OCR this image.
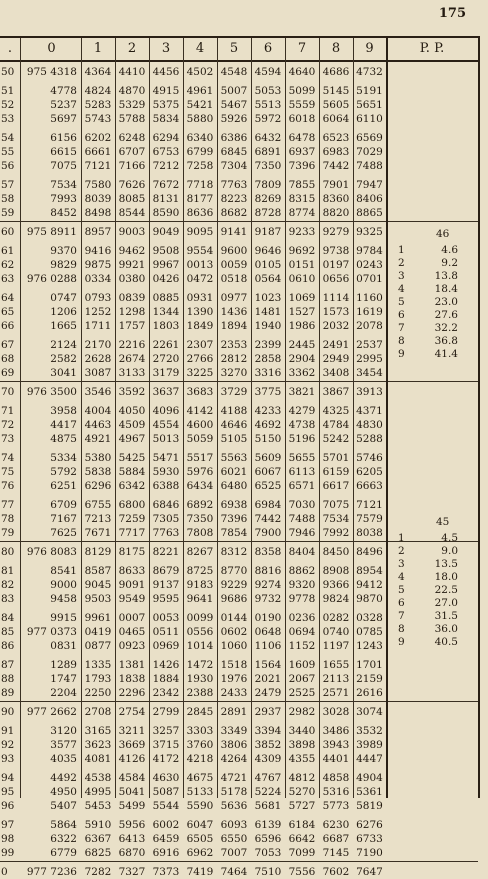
175
.	0	1	2	3	4	5	6	7	8	9	P. P.
50	975 4318 4364 4410 4456 4502 4548 4594 4640 4686 4732
51	4778 4824 4870 4915 4961 5007 5053 5099 5145 5191
52	5237 5283 5329 5375 5421 5467 5513 5559 5605 5651
53	5697 5743 5788 5834 5880 5926 5972 6018 6064 6110
54	6156 6202 6248 6294 6340 6386 6432 6478 6523 6569
55	6615 6661 6707 6753 6799 6845 6891 6937 6983 7029
56	7075 7121 7166 7212 7258 7304 7350 7396 7442 7488
57	7534 7580 7626 7672 7718 7763 7809 7855 7901 7947
58	7993 8039 8085 8131 8177 8223 8269 8315 8360 8406
59	8452 8498 8544 8590 8636 8682 8728 8774 8820 8865
60	975 8911 8957 9003 9049 9095 9141 9187 9233 9279 9325
61	9370 9416 9462 9508 9554 9600 9646 9692 9738 9784
62	9829 9875 9921 9967 0013 0059 0105 0151 0197 0243
63	976 0288 0334 0380 0426 0472 0518 0564 0610 0656 0701
64	0747 0793 0839 0885 0931 0977 1023 1069 1114 1160
65	1206 1252 1298 1344 1390 1436 1481 1527 1573 1619
66	1665 1711 1757 1803 1849 1894 1940 1986 2032 2078
67	2124 2170 2216 2261 2307 2353 2399 2445 2491 2537
68	2582 2628 2674 2720 2766 2812 2858 2904 2949 2995
69	3041 3087 3133 3179 3225 3270 3316 3362 3408 3454
70	976 3500 3546 3592 3637 3683 3729 3775 3821 3867 3913
71	3958 4004 4050 4096 4142 4188 4233 4279 4325 4371
72	4417 4463 4509 4554 4600 4646 4692 4738 4784 4830
73	4875 4921 4967 5013 5059 5105 5150 5196 5242 5288
74	5334 5380 5425 5471 5517 5563 5609 5655 5701 5746
75	5792 5838 5884 5930 5976 6021 6067 6113 6159 6205
76	6251 6296 6342 6388 6434 6480 6525 6571 6617 6663
77	6709 6755 6800 6846 6892 6938 6984 7030 7075 7121
78	7167 7213 7259 7305 7350 7396 7442 7488 7534 7579
79	7625 7671 7717 7763 7808 7854 7900 7946 7992 8038
80	976 8083 8129 8175 8221 8267 8312 8358 8404 8450 8496
81	8541 8587 8633 8679 8725 8770 8816 8862 8908 8954
82	9000 9045 9091 9137 9183 9229 9274 9320 9366 9412
83	9458 9503 9549 9595 9641 9686 9732 9778 9824 9870
84	9915 9961 0007 0053 0099 0144 0190 0236 0282 0328
85	977 0373 0419 0465 0511 0556 0602 0648 0694 0740 0785
86	0831 0877 0923 0969 1014 1060 1106 1152 1197 1243
87	1289 1335 1381 1426 1472 1518 1564 1609 1655 1701
88	1747 1793 1838 1884 1930 1976 2021 2067 2113 2159
89	2204 2250 2296 2342 2388 2433 2479 2525 2571 2616
90	977 2662 2708 2754 2799 2845 2891 2937 2982 3028 3074
91	3120 3165 3211 3257 3303 3349 3394 3440 3486 3532
92	3577 3623 3669 3715 3760 3806 3852 3898 3943 3989
93	4035 4081 4126 4172 4218 4264 4309 4355 4401 4447
94	4492 4538 4584 4630 4675 4721 4767 4812 4858 4904
95	4950 4995 5041 5087 5133 5178 5224 5270 5316 5361
96	5407 5453 5499 5544 5590 5636 5681 5727 5773 5819
97	5864 5910 5956 6002 6047 6093 6139 6184 6230 6276
98	6322 6367 6413 6459 6505 6550 6596 6642 6687 6733
99	6779 6825 6870 6916 6962 7007 7053 7099 7145 7190
0	977 7236 7282 7327 7373 7419 7464 7510 7556 7602 7647
46
1	4.6
2	9.2
3	13.8
4	18.4
5	23.0
6	27.6
7	32.2
8	36.8
9	41.4
45
1	4.5
2	9.0
3	13.5
4	18.0
5	22.5
6	27.0
7	31.5
8	36.0
9	40.5
